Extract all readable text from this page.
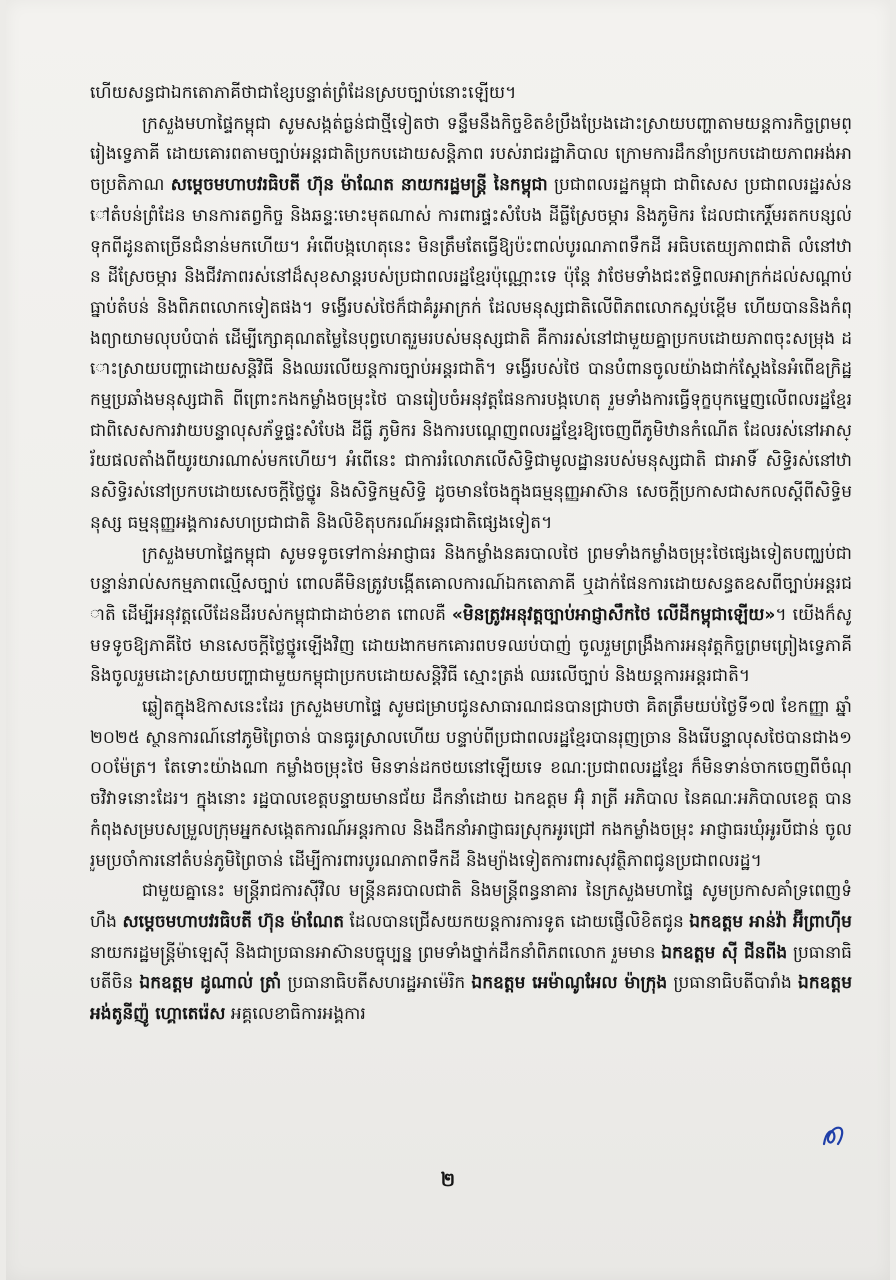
ហើយសន្ធជាឯកតោភាគីថាជាខ្សែបន្ទាត់ព្រំដែនស្របច្បាប់នោះឡើយ។

ក្រសួងមហាផ្ទៃកម្ពុជា សូមសង្កត់ធ្ងន់ជាថ្មីទៀតថា ទន្ទឹមនឹងកិច្ចខិតខំប្រឹងប្រែងដោះស្រាយបញ្ហាតាមយន្តការកិច្ចព្រមព្រៀងទ្វេភាគី ដោយគោរពតាមច្បាប់អន្តរជាតិប្រកបដោយសន្តិភាព របស់រាជរដ្ឋាភិបាល ក្រោមការដឹកនាំប្រកបដោយភាពអង់អាចប្រតិភាណ សម្តេចមហាបវរធិបតី ហ៊ុន ម៉ាណែត នាយករដ្ឋមន្ត្រី នៃកម្ពុជា ប្រជាពលរដ្ឋកម្ពុជា ជាពិសេស ប្រជាពលរដ្ឋរស់នៅតំបន់ព្រំដែន មានការតព្វកិច្ច និងឆន្ទៈមោះមុតណាស់ ការពារផ្ទះសំបែង ដីធ្លីស្រែចម្ការ និងភូមិករ ដែលជាកេរ្តិ៍មរតកបន្សល់ទុកពីដូនតាច្រើនជំនាន់មកហើយ។ អំពើបង្កហេតុនេះ មិនត្រឹមតែធ្វើឱ្យប៉ះពាល់បូរណភាពទឹកដី អធិបតេយ្យភាពជាតិ លំនៅឋាន ដីស្រែចម្ការ និងជីវភាពរស់នៅដ៏សុខសាន្តរបស់ប្រជាពលរដ្ឋខ្មែរប៉ុណ្ណោះទេ ប៉ុន្តែ វាថែមទាំងជះឥទ្ធិពលអាក្រក់ដល់សណ្តាប់ធ្នាប់តំបន់ និងពិភពលោកទៀតផង។ ទង្វើរបស់ថៃក៏ជាគំរូអាក្រក់ ដែលមនុស្សជាតិលើពិភពលោកស្អប់ខ្ពើម ហើយបាននិងកំពុងព្យាយាមលុបបំបាត់ ដើម្បីក្សោគុណតម្លៃនៃបុព្វហេតុរួមរបស់មនុស្សជាតិ គឺការរស់នៅជាមួយគ្នាប្រកបដោយភាពចុះសម្រុង ដោះស្រាយបញ្ហាដោយសន្តិវិធី និងឈរលើយន្តការច្បាប់អន្តរជាតិ។ ទង្វើរបស់ថៃ បានបំពានចូលយ៉ាងជាក់ស្តែងនៃអំពើឧក្រិដ្ឋកម្មប្រឆាំងមនុស្សជាតិ ពីព្រោះកងកម្លាំងចម្រុះថៃ បានរៀបចំអនុវត្តផែនការបង្កហេតុ រួមទាំងការធ្វើទុក្ខបុកម្នេញលើពលរដ្ឋខ្មែរ ជាពិសេសការវាយបន្ទាលុសភ័ទ្ទផ្ទះសំបែង ដីធ្លី ភូមិករ និងការបណ្តេញពលរដ្ឋខ្មែរឱ្យចេញពីភូមិឋានកំណើត ដែលរស់នៅអាស្រ័យផលតាំងពីយូរយារណាស់មកហើយ។ អំពើនេះ ជាការរំលោភលើសិទ្ធិជាមូលដ្ឋានរបស់មនុស្សជាតិ ជាអាទិ៍ សិទ្ធិរស់នៅឋានសិទ្ធិរស់នៅប្រកបដោយសេចក្តីថ្លៃថ្នូរ និងសិទ្ធិកម្មសិទ្ធិ ដូចមានចែងក្នុងធម្មនុញ្ញអាស៊ាន សេចក្តីប្រកាសជាសកលស្តីពីសិទ្ធិមនុស្ស ធម្មនុញ្ញអង្គការសហប្រជាជាតិ និងលិខិតុបករណ៍អន្តរជាតិផ្សេងទៀត។

ក្រសួងមហាផ្ទៃកម្ពុជា សូមទទូចទៅកាន់អាជ្ញាធរ និងកម្លាំងនគរបាលថៃ ព្រមទាំងកម្លាំងចម្រុះថៃផ្សេងទៀតបញ្ឈប់ជាបន្ទាន់រាល់សកម្មភាពល្មើសច្បាប់ ពោលគឺមិនត្រូវបង្កើតគោលការណ៍ឯកតោភាគី ឬដាក់ផែនការដោយសន្ធតឧសពីច្បាប់អន្តរជាតិ ដើម្បីអនុវត្តលើដែនដីរបស់កម្ពុជាជាដាច់ខាត ពោលគឺ «មិនត្រូវអនុវត្តច្បាប់អាជ្ញាសឹកថៃ លើដីកម្ពុជាឡើយ»។ យើងក៏សូមទទូចឱ្យភាគីថៃ មានសេចក្តីថ្លៃថ្នូរឡើងវិញ ដោយងាកមកគោរពបទឈប់បាញ់ ចូលរួមព្រង្រឹងការអនុវត្តកិច្ចព្រមព្រៀងទ្វេភាគី និងចូលរួមដោះស្រាយបញ្ហាជាមួយកម្ពុជាប្រកបដោយសន្តិវិធី ស្មោះត្រង់ ឈរលើច្បាប់ និងយន្តការអន្តរជាតិ។

ឆ្លៀតក្នុងឱកាសនេះដែរ ក្រសួងមហាផ្ទៃ សូមជម្រាបជូនសាធារណជនបានជ្រាបថា គិតត្រឹមយប់ថ្ងៃទី១៧ ខែកញ្ញា ឆ្នាំ២០២៥ ស្ថានការណ៍នៅភូមិព្រៃចាន់ បានធូរស្រាលហើយ បន្ទាប់ពីប្រជាពលរដ្ឋខ្មែរបានរុញច្រាន និងរើបន្ទាលុសថៃបានជាង១០០ម៉ែត្រ។ តែទោះយ៉ាងណា កម្លាំងចម្រុះថៃ មិនទាន់ដកថយនៅឡើយទេ ខណៈប្រជាពលរដ្ឋខ្មែរ ក៏មិនទាន់ចាកចេញពីចំណុចវិវាទនោះដែរ។ ក្នុងនោះ រដ្ឋបាលខេត្តបន្ទាយមានជ័យ ដឹកនាំដោយ ឯកឧត្តម អ៊ុំ រាត្រី អភិបាល នៃគណៈអភិបាលខេត្ត បានកំពុងសម្របសម្រួលក្រុមអ្នកសង្កេតការណ៍អន្តរកាល និងដឹកនាំអាជ្ញាធរស្រុកអូរជ្រៅ កងកម្លាំងចម្រុះ អាជ្ញាធរឃុំអូរបីជាន់ ចូលរួមប្រចាំការនៅតំបន់ភូមិព្រៃចាន់ ដើម្បីការពារបូរណភាពទឹកដី និងម្យ៉ាងទៀតការពារសុវត្ថិភាពជូនប្រជាពលរដ្ឋ។

ជាមួយគ្នានេះ មន្ត្រីរាជការស៊ីវិល មន្ត្រីនគរបាលជាតិ និងមន្ត្រីពន្ធនាគារ នៃក្រសួងមហាផ្ទៃ សូមប្រកាសគាំទ្រពេញទំហឹង សម្តេចមហាបវរធិបតី ហ៊ុន ម៉ាណែត ដែលបានជ្រើសយកយន្តការការទូត ដោយផ្ញើលិខិតជូន ឯកឧត្តម អាន់វ៉ា អ៊ីព្រាហ៊ីម នាយករដ្ឋមន្ត្រីម៉ាឡេស៊ី និងជាប្រធានអាស៊ានបច្ចុប្បន្ន ព្រមទាំងថ្នាក់ដឹកនាំពិភពលោក រួមមាន ឯកឧត្តម ស៊ី ជីនពីង ប្រធានាធិបតីចិន ឯកឧត្តម ដូណាល់ ត្រាំ ប្រធានាធិបតីសហរដ្ឋអាម៉េរិក ឯកឧត្តម អេម៉ាណូអែល ម៉ាក្រុង ប្រធានាធិបតីបារាំង ឯកឧត្តម អង់តូនីញ៉ូ ហ្គោតេរ៉េស អគ្គលេខាធិការអង្គការ

២
